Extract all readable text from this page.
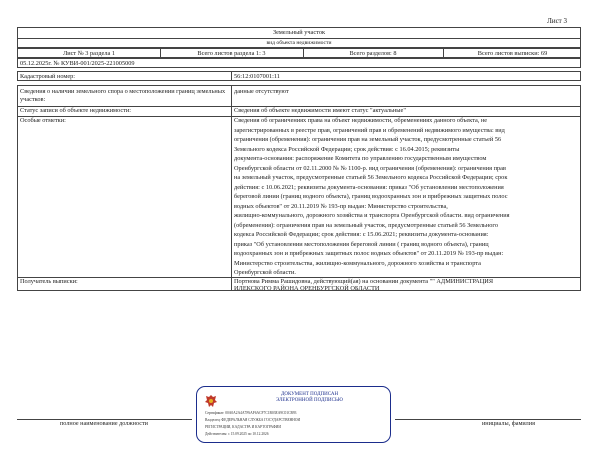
Лист 3
Земельный участок
вид объекта недвижимости
Лист № 3 раздела 1	Всего листов раздела 1: 3	Всего разделов: 8	Всего листов выписки: 69
05.12.2025г. № КУВИ-001/2025-221005009
Кадастровый номер:	56:12:0107001:11
Сведения о наличии земельного спора о местоположении границ земельных участков:
данные отсутствуют
Статус записи об объекте недвижимости:	Сведения об объекте недвижимости имеют статус "актуальные"
Особые отметки:	Сведения об ограничениях права на объект недвижимости, обременениях данного объекта, не
зарегистрированных в реестре прав, ограничений прав и обременений недвижимого имущества: вид
ограничения (обременения): ограничения прав на земельный участок, предусмотренные статьей 56
Земельного кодекса Российской Федерации; срок действия: с 16.04.2015; реквизиты
документа-основания: распоряжение Комитета по управлению государственным имуществом
Оренбургской области от 02.11.2000 № № 1100-р. вид ограничения (обременения): ограничения прав
на земельный участок, предусмотренные статьей 56 Земельного кодекса Российской Федерации; срок
действия: с 10.06.2021; реквизиты документа-основания: приказ "Об установлении местоположения
береговой линии (границ водного объекта), границ водоохранных зон и прибрежных защитных полос
водных объектов" от 20.11.2019 № 193-пр выдан: Министерство строительства,
жилищно-коммунального, дорожного хозяйства и транспорта Оренбургской области. вид ограничения
(обременения): ограничения прав на земельный участок, предусмотренные статьей 56 Земельного
кодекса Российской Федерации; срок действия: с 15.06.2021; реквизиты документа-основания:
приказ "Об установлении местоположения береговой линии ( границ водного объекта), границ
водоохранных зон и прибрежных защитных полос водных объектов" от 20.11.2019 № 193-пр выдан:
Министерство строительства, жилищно-коммунального, дорожного хозяйства и транспорта
Оренбургской области.
Получатель выписки:	Портнова Римма Рашидовна, действующий(ая) на основании документа "" АДМИНИСТРАЦИЯ
ИЛЕКСКОГО РАЙОНА ОРЕНБУРГСКОЙ ОБЛАСТИ
полное наименование должности	инициалы, фамилия
ДОКУМЕНТ ПОДПИСАН
ЭЛЕКТРОННОЙ ПОДПИСЬЮ
Сертификат: 00A0A2A4A7F6AF6ACF7C1B03EA9C01CB93
Владелец: ФЕДЕРАЛЬНАЯ СЛУЖБА ГОСУДАРСТВЕННОЙ
РЕГИСТРАЦИИ, КАДАСТРА И КАРТОГРАФИИ
Действителен: с 15.09.2025 по 10.12.2026
